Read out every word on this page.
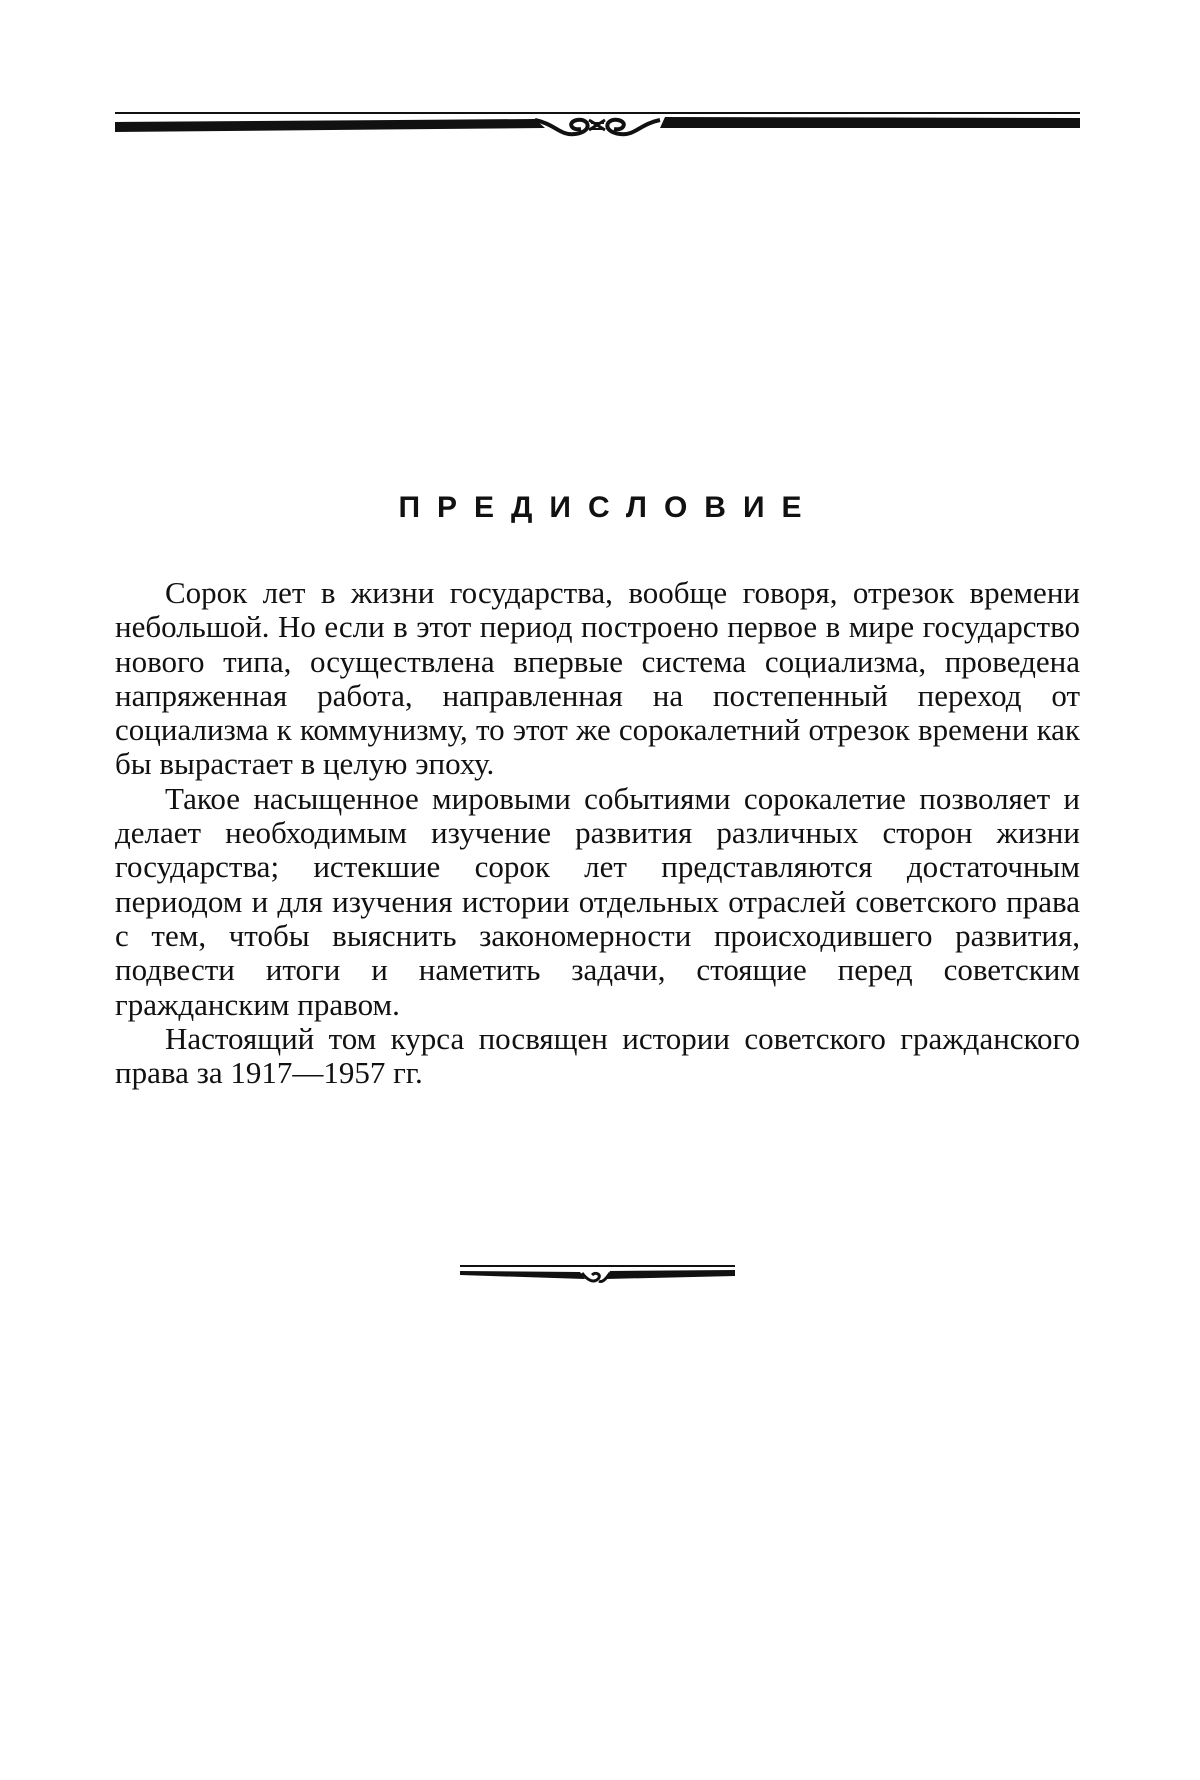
ПРЕДИСЛОВИЕ

Сорок лет в жизни государства, вообще говоря, отрезок времени небольшой. Но если в этот период построено первое в мире государство нового типа, осуществлена впервые система социализма, проведена напряженная работа, направленная на постепенный переход от социализма к коммунизму, то этот же сорокалетний отрезок времени как бы вырастает в целую эпоху.

Такое насыщенное мировыми событиями сорокалетие позволяет и делает необходимым изучение развития различных сторон жизни государства; истекшие сорок лет представляются достаточным периодом и для изучения истории отдельных отраслей советского права с тем, чтобы выяснить закономерности происходившего развития, подвести итоги и наметить задачи, стоящие перед советским гражданским правом.

Настоящий том курса посвящен истории советского гражданского права за 1917—1957 гг.
